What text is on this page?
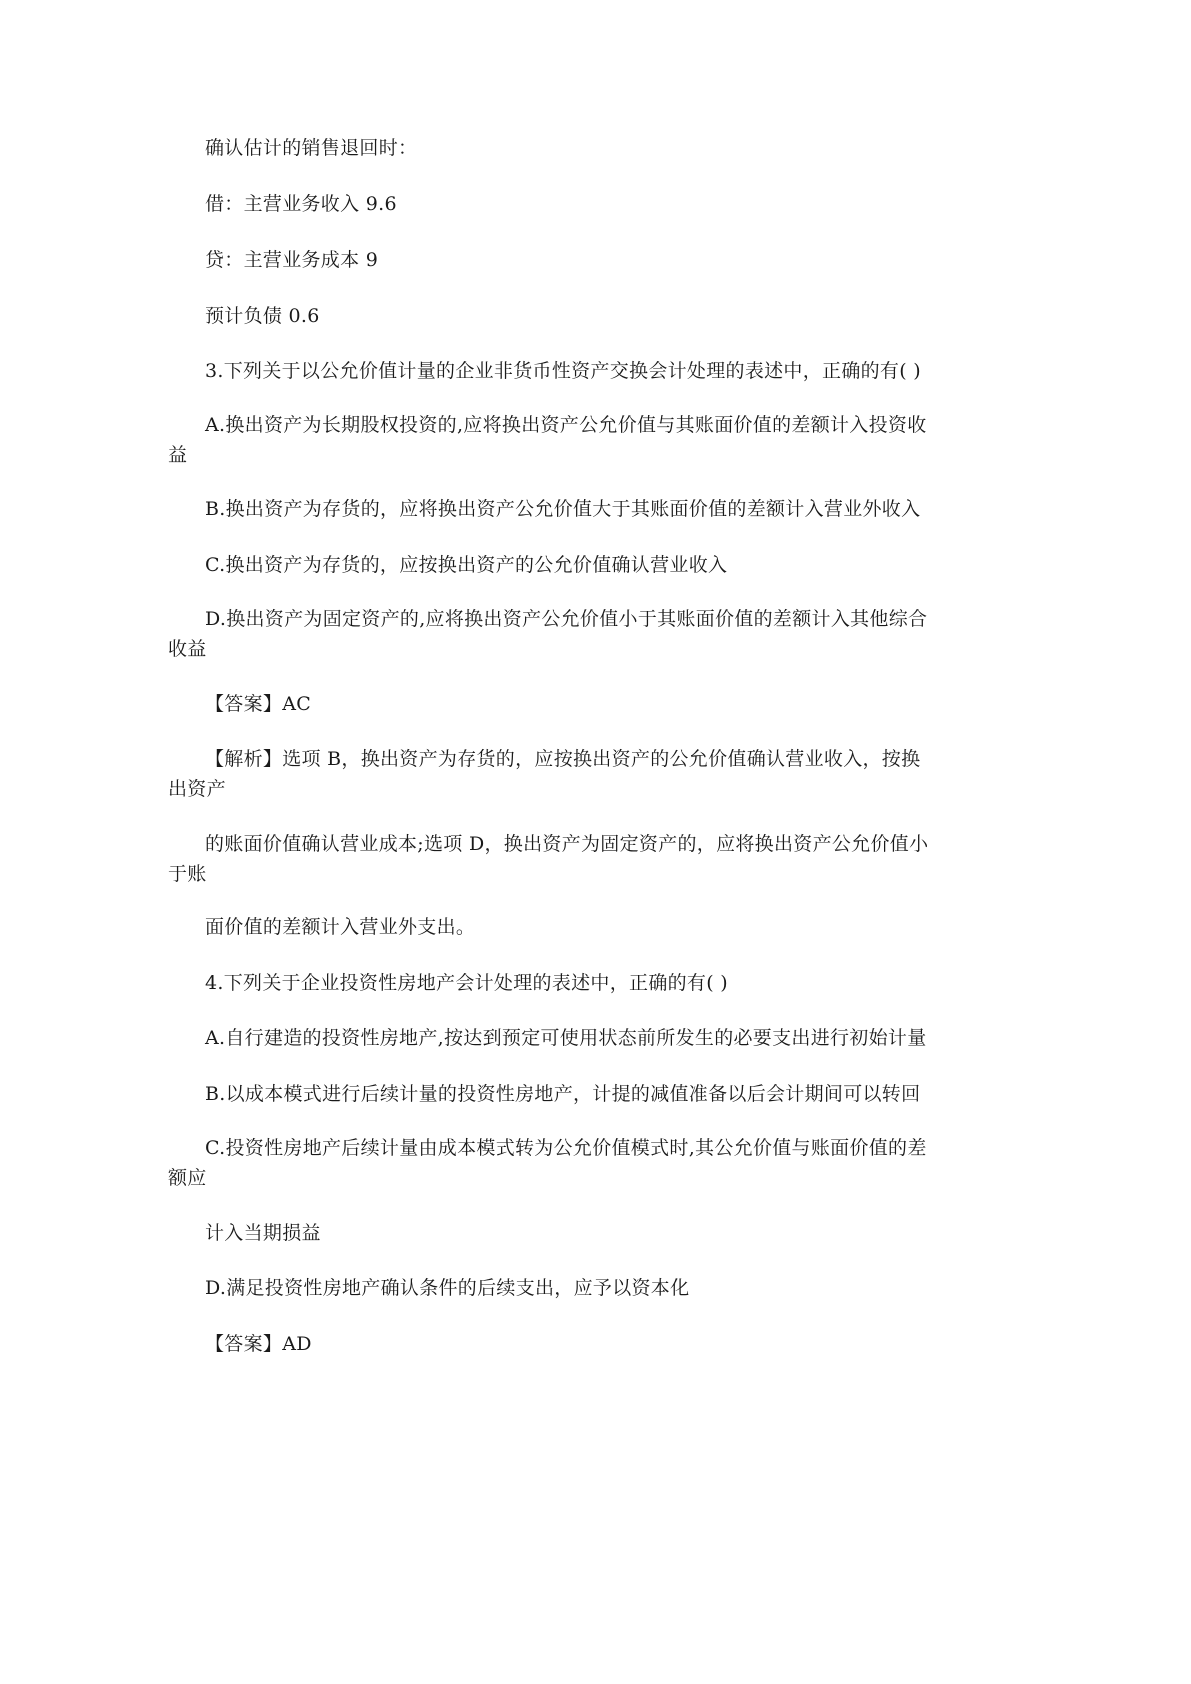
确认估计的销售退回时：
借：主营业务收入 9.6
贷：主营业务成本 9
预计负债 0.6
3.下列关于以公允价值计量的企业非货币性资产交换会计处理的表述中，正确的有( )
A.换出资产为长期股权投资的,应将换出资产公允价值与其账面价值的差额计入投资收
益
B.换出资产为存货的，应将换出资产公允价值大于其账面价值的差额计入营业外收入
C.换出资产为存货的，应按换出资产的公允价值确认营业收入
D.换出资产为固定资产的,应将换出资产公允价值小于其账面价值的差额计入其他综合
收益
【答案】AC
【解析】选项 B，换出资产为存货的，应按换出资产的公允价值确认营业收入，按换
出资产
的账面价值确认营业成本;选项 D，换出资产为固定资产的，应将换出资产公允价值小
于账
面价值的差额计入营业外支出。
4.下列关于企业投资性房地产会计处理的表述中，正确的有( )
A.自行建造的投资性房地产,按达到预定可使用状态前所发生的必要支出进行初始计量
B.以成本模式进行后续计量的投资性房地产，计提的减值准备以后会计期间可以转回
C.投资性房地产后续计量由成本模式转为公允价值模式时,其公允价值与账面价值的差
额应
计入当期损益
D.满足投资性房地产确认条件的后续支出，应予以资本化
【答案】AD
